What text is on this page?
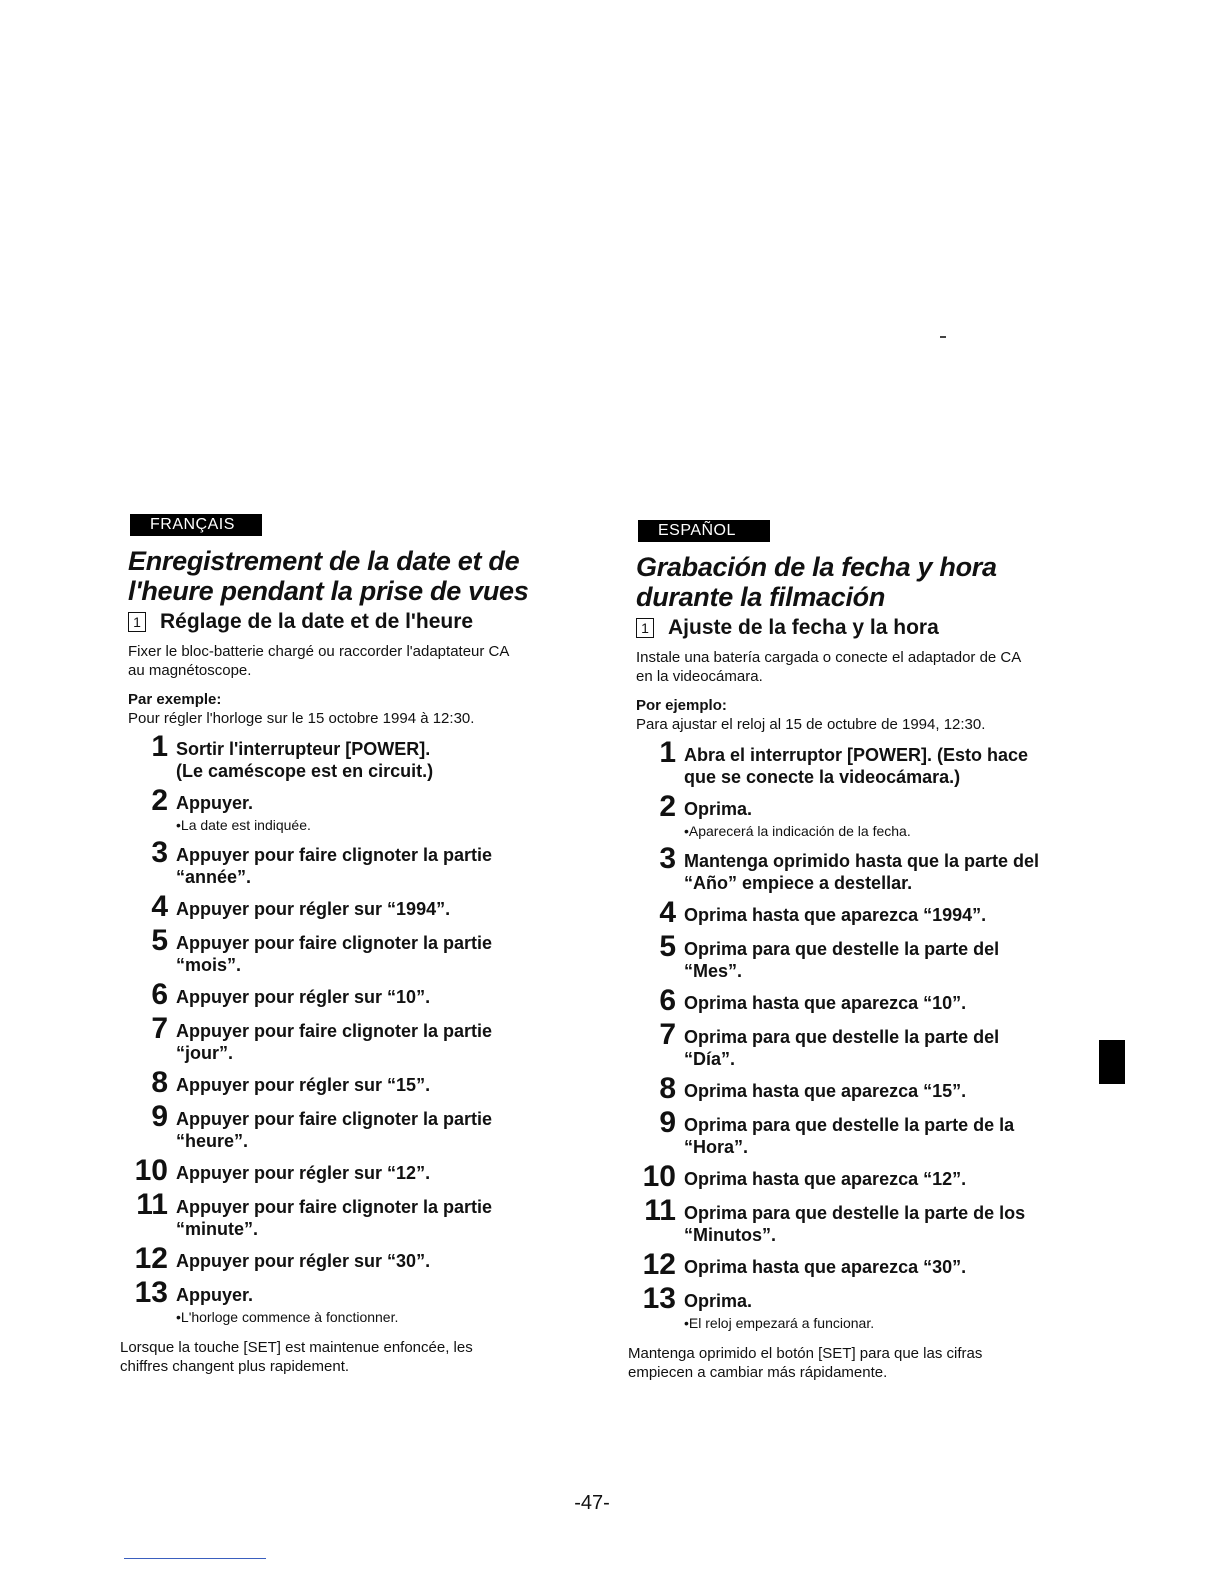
FRANÇAIS
Enregistrement de la date et de
l'heure pendant la prise de vues
1 Réglage de la date et de l'heure
Fixer le bloc-batterie chargé ou raccorder l'adaptateur CA
au magnétoscope.
Par exemple:
Pour régler l'horloge sur le 15 octobre 1994 à 12:30.
1 Sortir l'interrupteur [POWER].
(Le caméscope est en circuit.)
2 Appuyer.
•La date est indiquée.
3 Appuyer pour faire clignoter la partie
“année”.
4 Appuyer pour régler sur “1994”.
5 Appuyer pour faire clignoter la partie
“mois”.
6 Appuyer pour régler sur “10”.
7 Appuyer pour faire clignoter la partie
“jour”.
8 Appuyer pour régler sur “15”.
9 Appuyer pour faire clignoter la partie
“heure”.
10 Appuyer pour régler sur “12”.
11 Appuyer pour faire clignoter la partie
“minute”.
12 Appuyer pour régler sur “30”.
13 Appuyer.
•L'horloge commence à fonctionner.
Lorsque la touche [SET] est maintenue enfoncée, les
chiffres changent plus rapidement.
ESPAÑOL
Grabación de la fecha y hora
durante la filmación
1 Ajuste de la fecha y la hora
Instale una batería cargada o conecte el adaptador de CA
en la videocámara.
Por ejemplo:
Para ajustar el reloj al 15 de octubre de 1994, 12:30.
1 Abra el interruptor [POWER]. (Esto hace
que se conecte la videocámara.)
2 Oprima.
•Aparecerá la indicación de la fecha.
3 Mantenga oprimido hasta que la parte del
“Año” empiece a destellar.
4 Oprima hasta que aparezca “1994”.
5 Oprima para que destelle la parte del
“Mes”.
6 Oprima hasta que aparezca “10”.
7 Oprima para que destelle la parte del
“Día”.
8 Oprima hasta que aparezca “15”.
9 Oprima para que destelle la parte de la
“Hora”.
10 Oprima hasta que aparezca “12”.
11 Oprima para que destelle la parte de los
“Minutos”.
12 Oprima hasta que aparezca “30”.
13 Oprima.
•El reloj empezará a funcionar.
Mantenga oprimido el botón [SET] para que las cifras
empiecen a cambiar más rápidamente.
-47-
